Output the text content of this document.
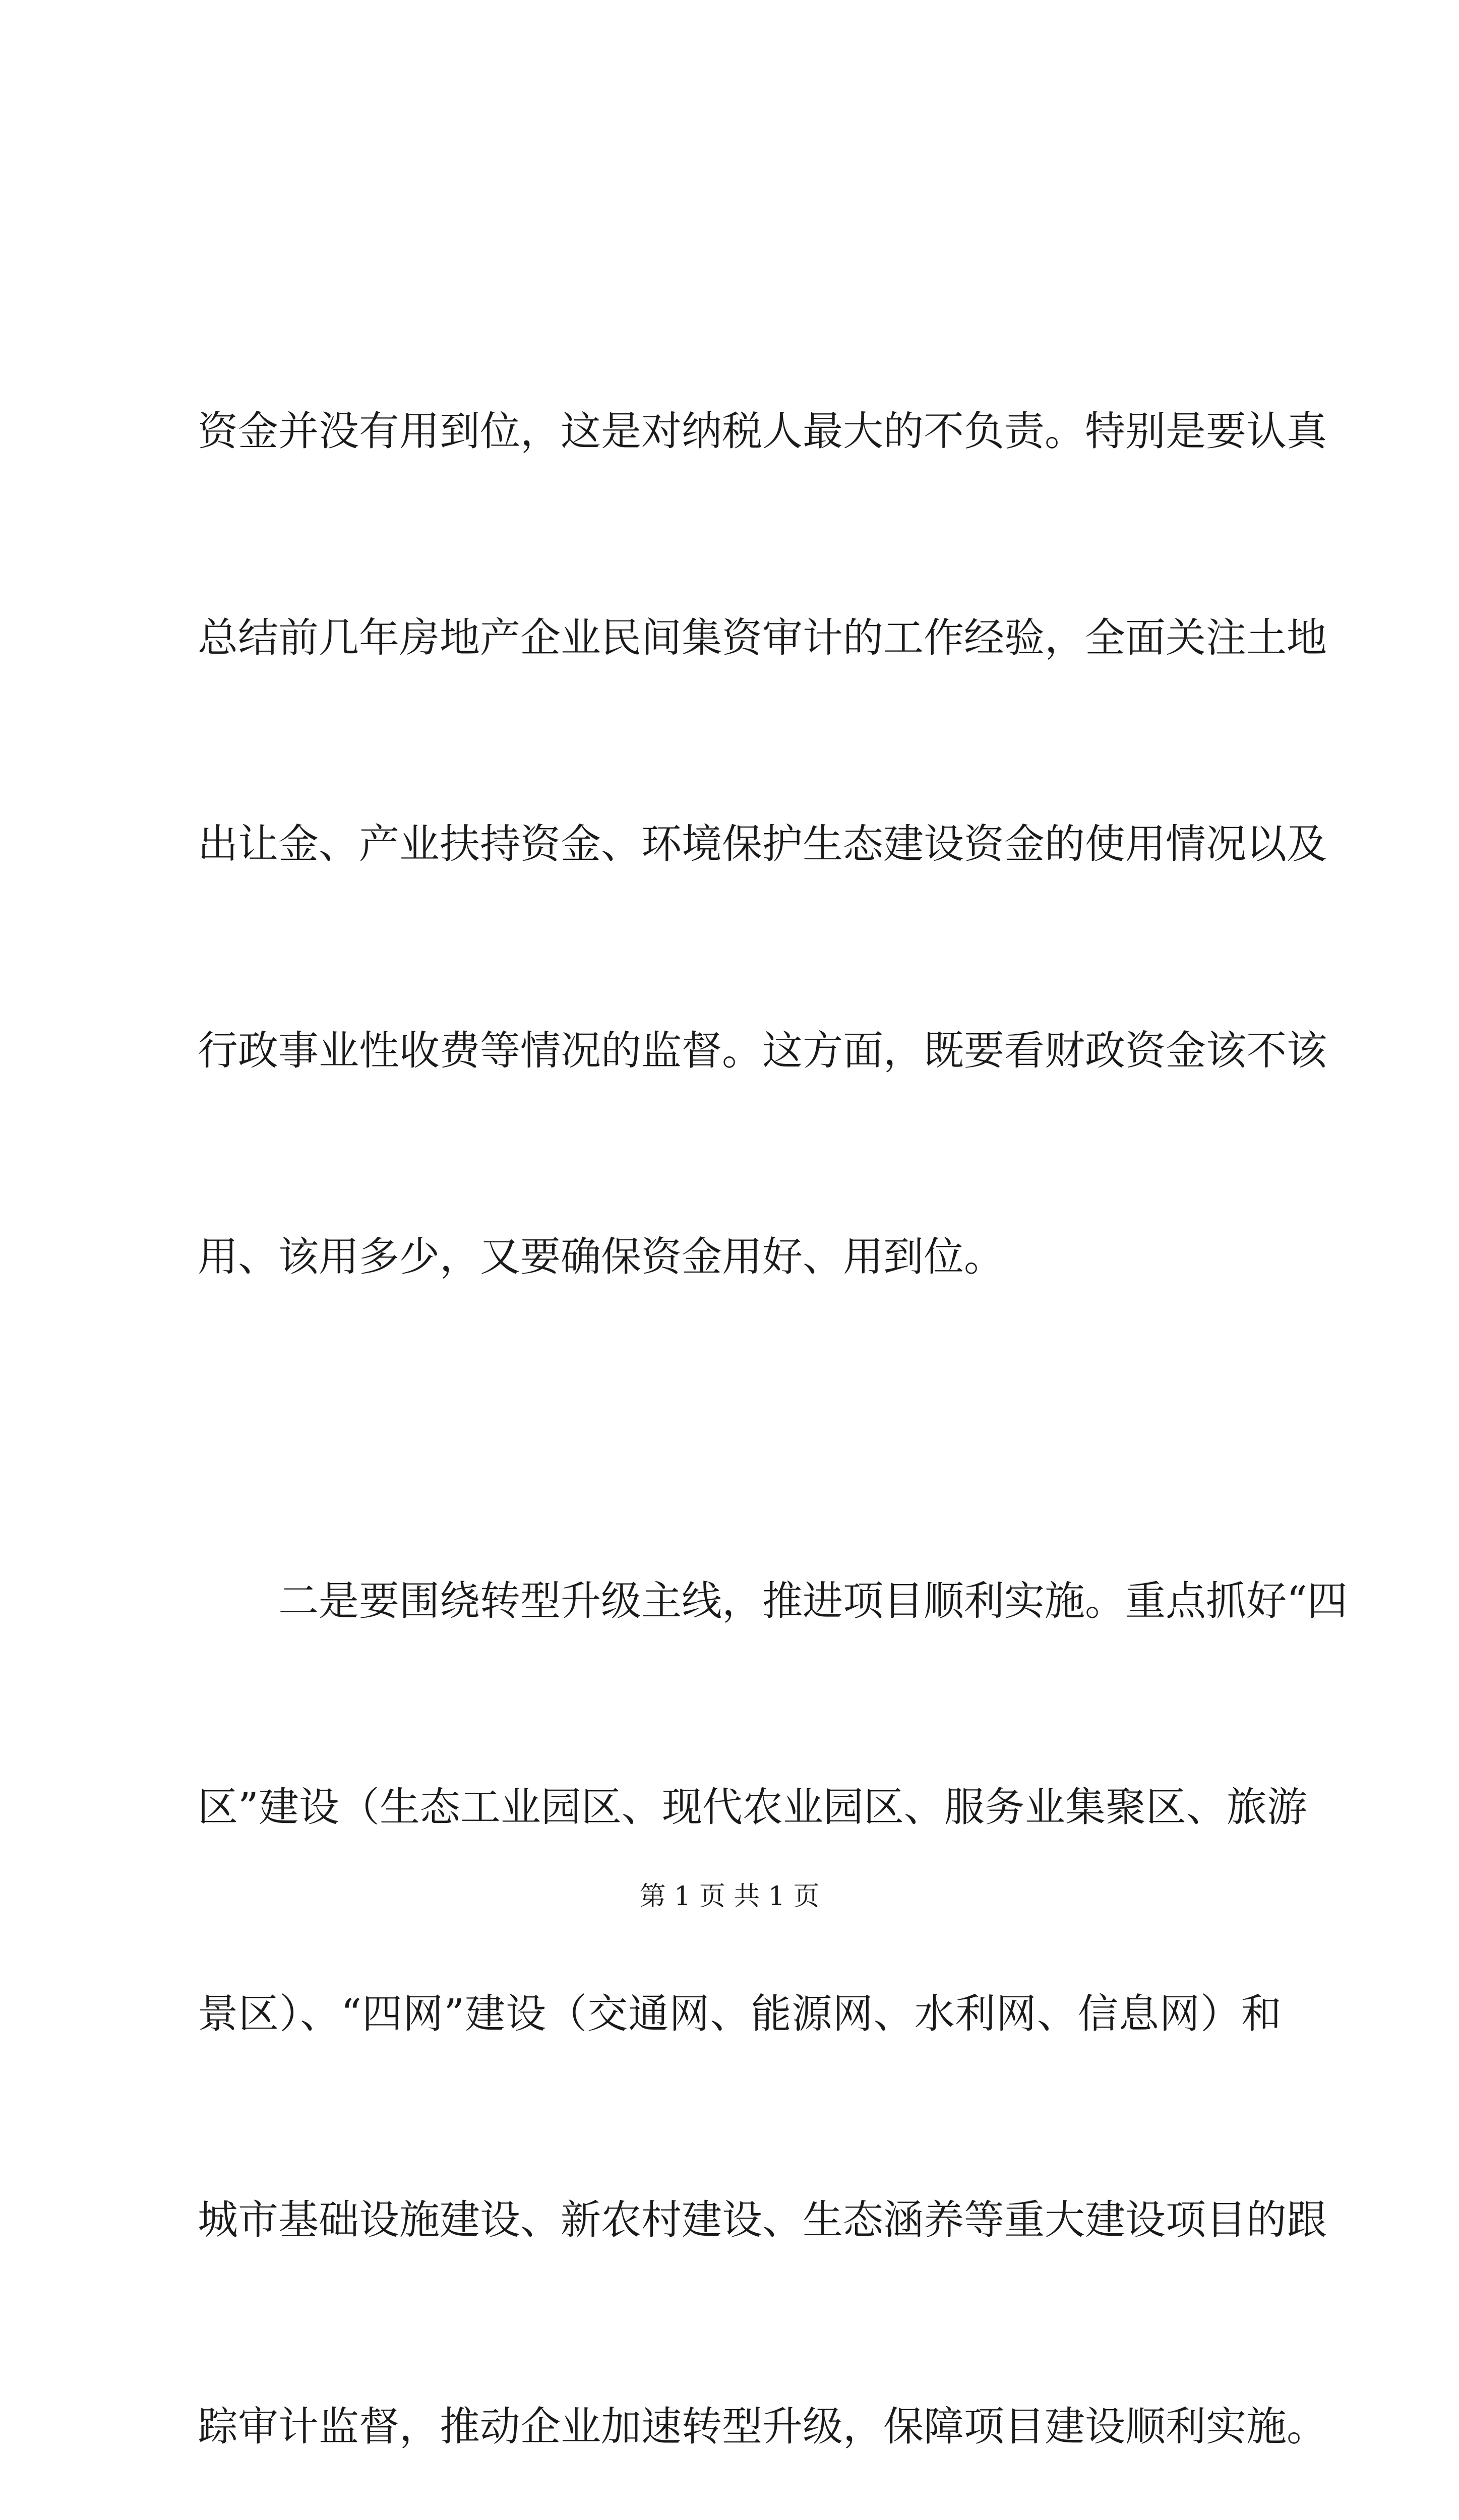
资金并没有用到位，这是对纳税人最大的不负责。特别是要认真

总结前几年房地产企业民间集资审计的工作经验，全面关注土地

出让金、产业扶持资金、环境保护生态建设资金的使用情况以及

行政事业性收费等情况的监督。这方面，既要看财政资金该不该

用、该用多少，又要确保资金用好、用到位。

　　二是要围绕转型升级主线，推进项目顺利实施。重点抓好“四

区”建设（生态工业园区、现代农业园区、服务业集聚区、旅游

景区）、“四网”建设（交通网、能源网、水利网、信息网）和

城市基础设施建设、新农村建设、生态涵养等重大建设项目的跟

踪审计监督，推动企业加速转型升级，保障项目建设顺利实施。

第 1 页 共 1 页
